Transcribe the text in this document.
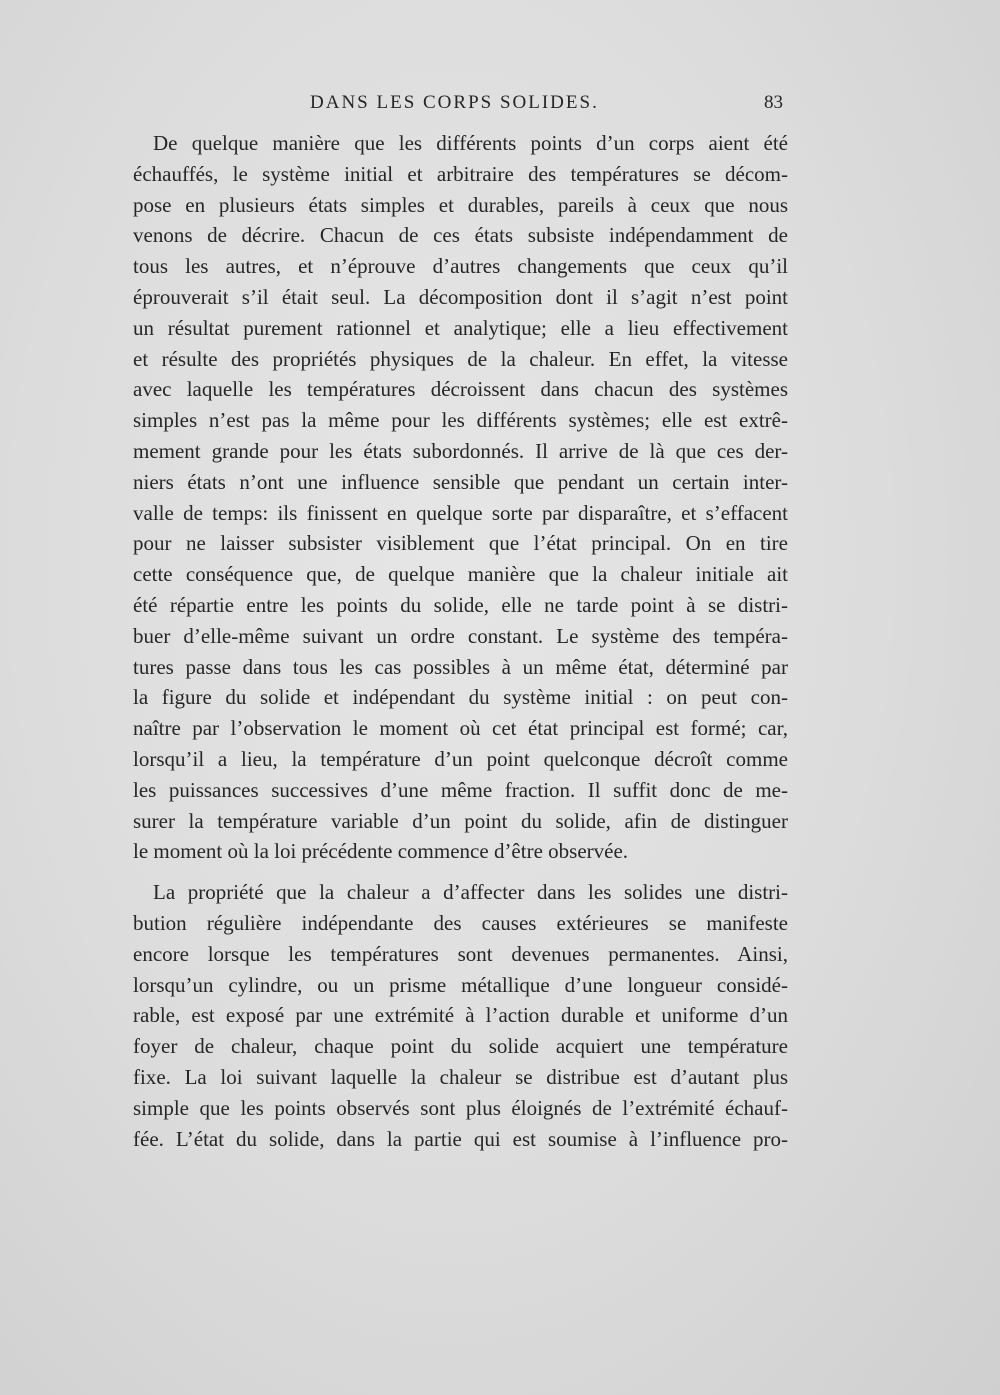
DANS LES CORPS SOLIDES.	83
De quelque manière que les différents points d’un corps aient été
échauffés, le système initial et arbitraire des températures se décom-
pose en plusieurs états simples et durables, pareils à ceux que nous
venons de décrire. Chacun de ces états subsiste indépendamment de
tous les autres, et n’éprouve d’autres changements que ceux qu’il
éprouverait s’il était seul. La décomposition dont il s’agit n’est point
un résultat purement rationnel et analytique; elle a lieu effectivement
et résulte des propriétés physiques de la chaleur. En effet, la vitesse
avec laquelle les températures décroissent dans chacun des systèmes
simples n’est pas la même pour les différents systèmes; elle est extrê-
mement grande pour les états subordonnés. Il arrive de là que ces der-
niers états n’ont une influence sensible que pendant un certain inter-
valle de temps: ils finissent en quelque sorte par disparaître, et s’effacent
pour ne laisser subsister visiblement que l’état principal. On en tire
cette conséquence que, de quelque manière que la chaleur initiale ait
été répartie entre les points du solide, elle ne tarde point à se distri-
buer d’elle-même suivant un ordre constant. Le système des tempéra-
tures passe dans tous les cas possibles à un même état, déterminé par
la figure du solide et indépendant du système initial : on peut con-
naître par l’observation le moment où cet état principal est formé; car,
lorsqu’il a lieu, la température d’un point quelconque décroît comme
les puissances successives d’une même fraction. Il suffit donc de me-
surer la température variable d’un point du solide, afin de distinguer
le moment où la loi précédente commence d’être observée.
La propriété que la chaleur a d’affecter dans les solides une distri-
bution régulière indépendante des causes extérieures se manifeste
encore lorsque les températures sont devenues permanentes. Ainsi,
lorsqu’un cylindre, ou un prisme métallique d’une longueur considé-
rable, est exposé par une extrémité à l’action durable et uniforme d’un
foyer de chaleur, chaque point du solide acquiert une température
fixe. La loi suivant laquelle la chaleur se distribue est d’autant plus
simple que les points observés sont plus éloignés de l’extrémité échauf-
fée. L’état du solide, dans la partie qui est soumise à l’influence pro-
